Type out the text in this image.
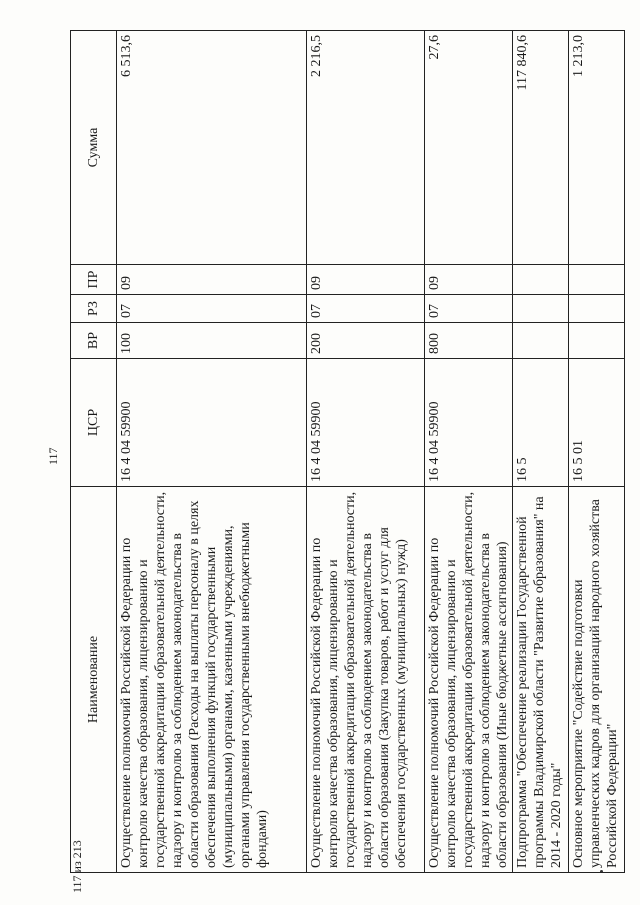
117
117 из 213
Наименование	ЦСР	ВР	РЗ	ПР	Сумма
Осуществление полномочий Российской Федерации по контролю качества образования, лицензированию и государственной аккредитации образовательной деятельности, надзору и контролю за соблюдением законодательства в области образования (Расходы на выплаты персоналу в целях обеспечения выполнения функций государственными (муниципальными) органами, казенными учреждениями, органами управления государственными внебюджетными фондами)	16 4 04 59900	100	07	09	6 513,6
Осуществление полномочий Российской Федерации по контролю качества образования, лицензированию и государственной аккредитации образовательной деятельности, надзору и контролю за соблюдением законодательства в области образования (Закупка товаров, работ и услуг для обеспечения государственных (муниципальных) нужд)	16 4 04 59900	200	07	09	2 216,5
Осуществление полномочий Российской Федерации по контролю качества образования, лицензированию и государственной аккредитации образовательной деятельности, надзору и контролю за соблюдением законодательства в области образования (Иные бюджетные ассигнования)	16 4 04 59900	800	07	09	27,6
Подпрограмма "Обеспечение реализации Государственной программы Владимирской области "Развитие образования" на 2014 - 2020 годы"	16 5				117 840,6
Основное мероприятие "Содействие подготовки управленческих кадров для организаций народного хозяйства Российской Федерации"	16 5 01				1 213,0
